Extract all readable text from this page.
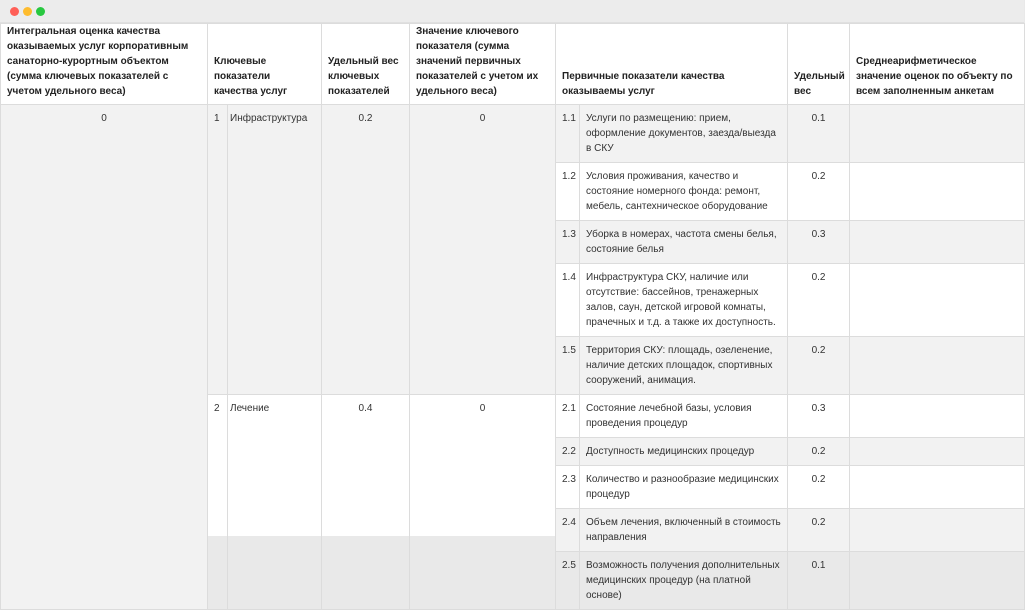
Интегральная оценка качества оказываемых услуг корпоративным санаторно-курортным объектом (сумма ключевых показателей с учетом удельного веса)	Ключевые показатели качества услуг		Удельный вес ключевых показателей	Значение ключевого показателя (сумма значений первичных показателей с учетом их удельного веса)	Первичные показатели качества оказываемы услуг		Удельный вес	Среднеарифметическое значение оценок по объекту по всем заполненным анкетам
0	1	Инфраструктура	0.2	0	1.1	Услуги по размещению: прием, оформление документов, заезда/выезда в СКУ	0.1	
					1.2	Условия проживания, качество и состояние номерного фонда: ремонт, мебель, сантехническое оборудование	0.2	
					1.3	Уборка в номерах, частота смены белья, состояние белья	0.3	
					1.4	Инфраструктура СКУ, наличие или отсутствие: бассейнов, тренажерных залов, саун, детской игровой комнаты, прачечных и т.д. а также их доступность.	0.2	
					1.5	Территория СКУ: площадь, озеленение, наличие детских площадок, спортивных сооружений, анимация.	0.2	
	2	Лечение	0.4	0	2.1	Состояние лечебной базы, условия проведения процедур	0.3	
					2.2	Доступность медицинских процедур	0.2	
					2.3	Количество и разнообразие медицинских процедур	0.2	
					2.4	Объем лечения, включенный в стоимость направления	0.2	
					2.5	Возможность получения дополнительных медицинских процедур (на платной основе)	0.1	
